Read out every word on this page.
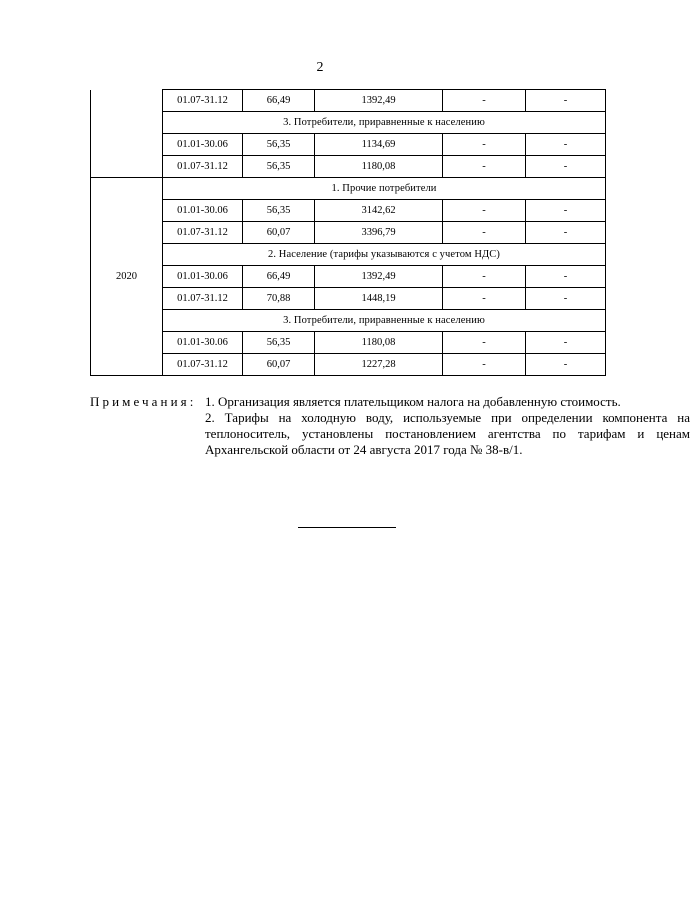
2
	01.07-31.12	66,49	1392,49	-	-
	3. Потребители, приравненные к населению				
	01.01-30.06	56,35	1134,69	-	-
	01.07-31.12	56,35	1180,08	-	-
2020	1. Прочие потребители				
	01.01-30.06	56,35	3142,62	-	-
	01.07-31.12	60,07	3396,79	-	-
	2. Население (тарифы указываются с учетом НДС)				
	01.01-30.06	66,49	1392,49	-	-
	01.07-31.12	70,88	1448,19	-	-
	3. Потребители, приравненные к населению				
	01.01-30.06	56,35	1180,08	-	-
	01.07-31.12	60,07	1227,28	-	-
Примечания: 1. Организация является плательщиком налога на добавленную стоимость.

2. Тарифы на холодную воду, используемые при определении компонента на теплоноситель, установлены постановлением агентства по тарифам и ценам Архангельской области от 24 августа 2017 года № 38-в/1.
